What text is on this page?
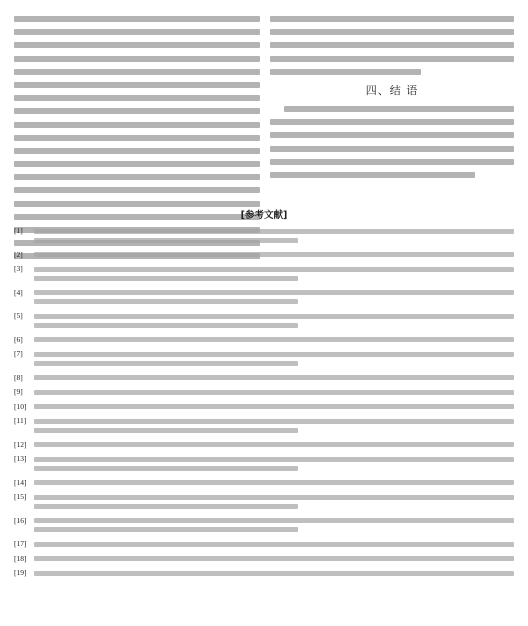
四、结 语
[参考文献]
[1]
[2]
[3]
[4]
[5]
[6]
[7]
[8]
[9]
[10]
[11]
[12]
[13]
[14]
[15]
[16]
[17]
[18]
[19]
